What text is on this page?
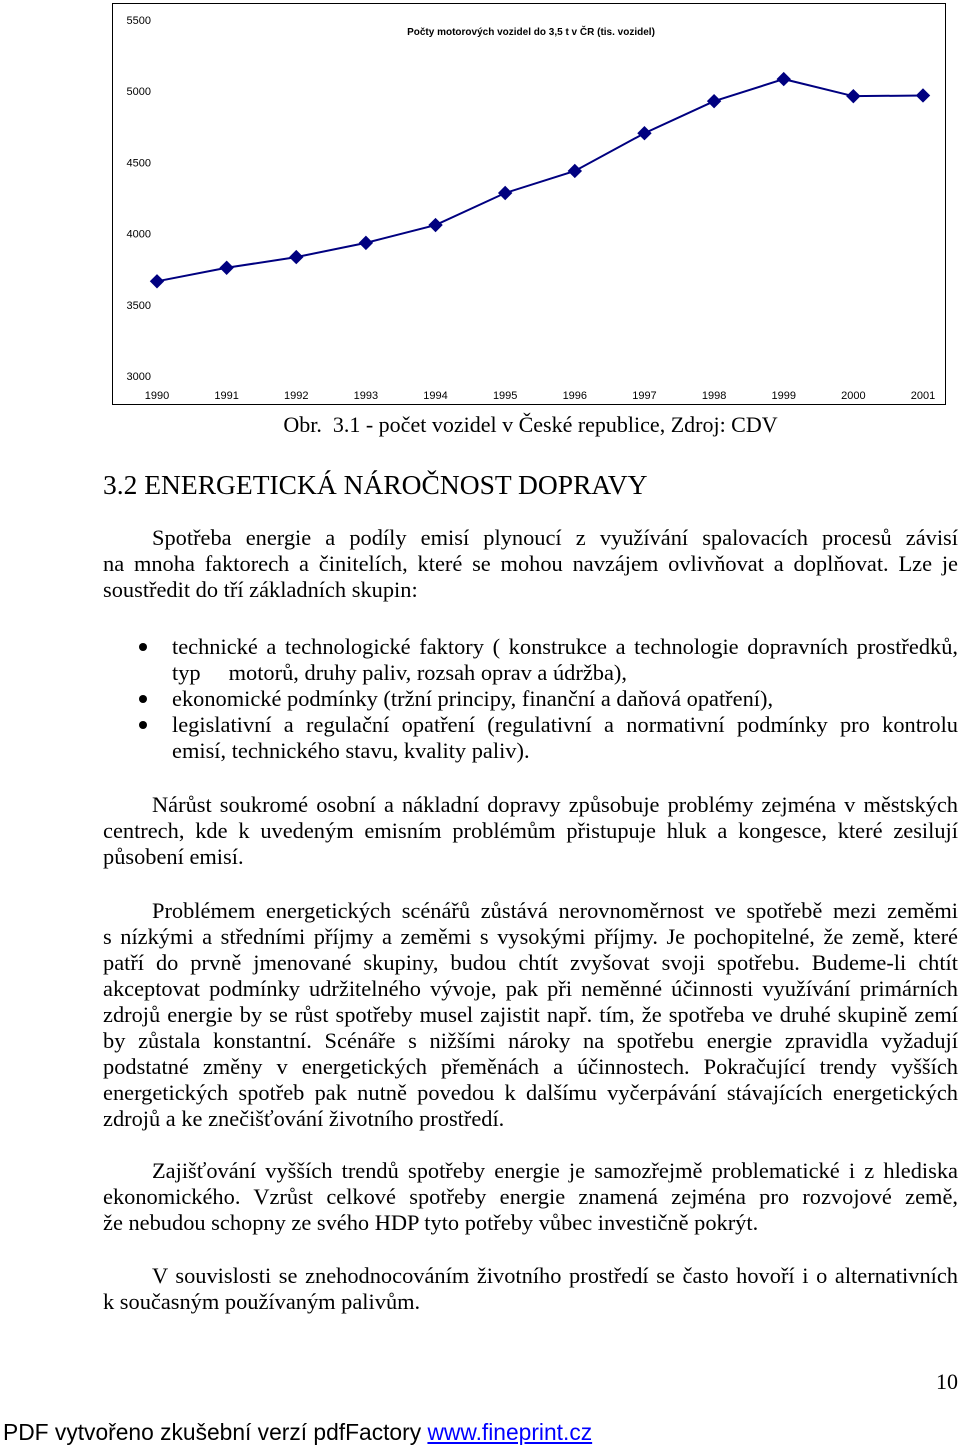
Počty motorových vozidel do 3,5 t v ČR (tis. vozidel)
3000
3500
4000
4500
5000
5500
1990	1991	1992	1993	1994	1995	1996	1997	1998	1999	2000	2001
Obr.  3.1 - počet vozidel v České republice, Zdroj: CDV
3.2 ENERGETICKÁ NÁROČNOST DOPRAVY
Spotřeba energie a podíly emisí plynoucí z využívání spalovacích procesů závisí
na mnoha faktorech a činitelích, které se mohou navzájem ovlivňovat a doplňovat. Lze je
soustředit do tří základních skupin:
technické a technologické faktory ( konstrukce a technologie dopravních prostředků,
typ     motorů, druhy paliv, rozsah oprav a údržba),
ekonomické podmínky (tržní principy, finanční a daňová opatření),
legislativní a regulační opatření (regulativní a normativní podmínky pro kontrolu
emisí, technického stavu, kvality paliv).
Nárůst soukromé osobní a nákladní dopravy způsobuje problémy zejména v městských
centrech, kde k uvedeným emisním problémům přistupuje hluk a kongesce, které zesilují
působení emisí.
Problémem energetických scénářů zůstává nerovnoměrnost ve spotřebě mezi zeměmi
s nízkými a středními příjmy a zeměmi s vysokými příjmy. Je pochopitelné, že země, které
patří do prvně jmenované skupiny, budou chtít zvyšovat svoji spotřebu. Budeme-li chtít
akceptovat podmínky udržitelného vývoje, pak při neměnné účinnosti využívání primárních
zdrojů energie by se růst spotřeby musel zajistit např. tím, že spotřeba ve druhé skupině zemí
by zůstala konstantní. Scénáře s nižšími nároky na spotřebu energie zpravidla vyžadují
podstatné změny v energetických přeměnách a účinnostech. Pokračující trendy vyšších
energetických spotřeb pak nutně povedou k dalšímu vyčerpávání stávajících energetických
zdrojů a ke znečišťování životního prostředí.
Zajišťování vyšších trendů spotřeby energie je samozřejmě problematické i z hlediska
ekonomického. Vzrůst celkové spotřeby energie znamená zejména pro rozvojové země,
že nebudou schopny ze svého HDP tyto potřeby vůbec investičně pokrýt.
V souvislosti se znehodnocováním životního prostředí se často hovoří i o alternativních
k současným používaným palivům.
10
PDF vytvořeno zkušební verzí pdfFactory www.fineprint.cz
